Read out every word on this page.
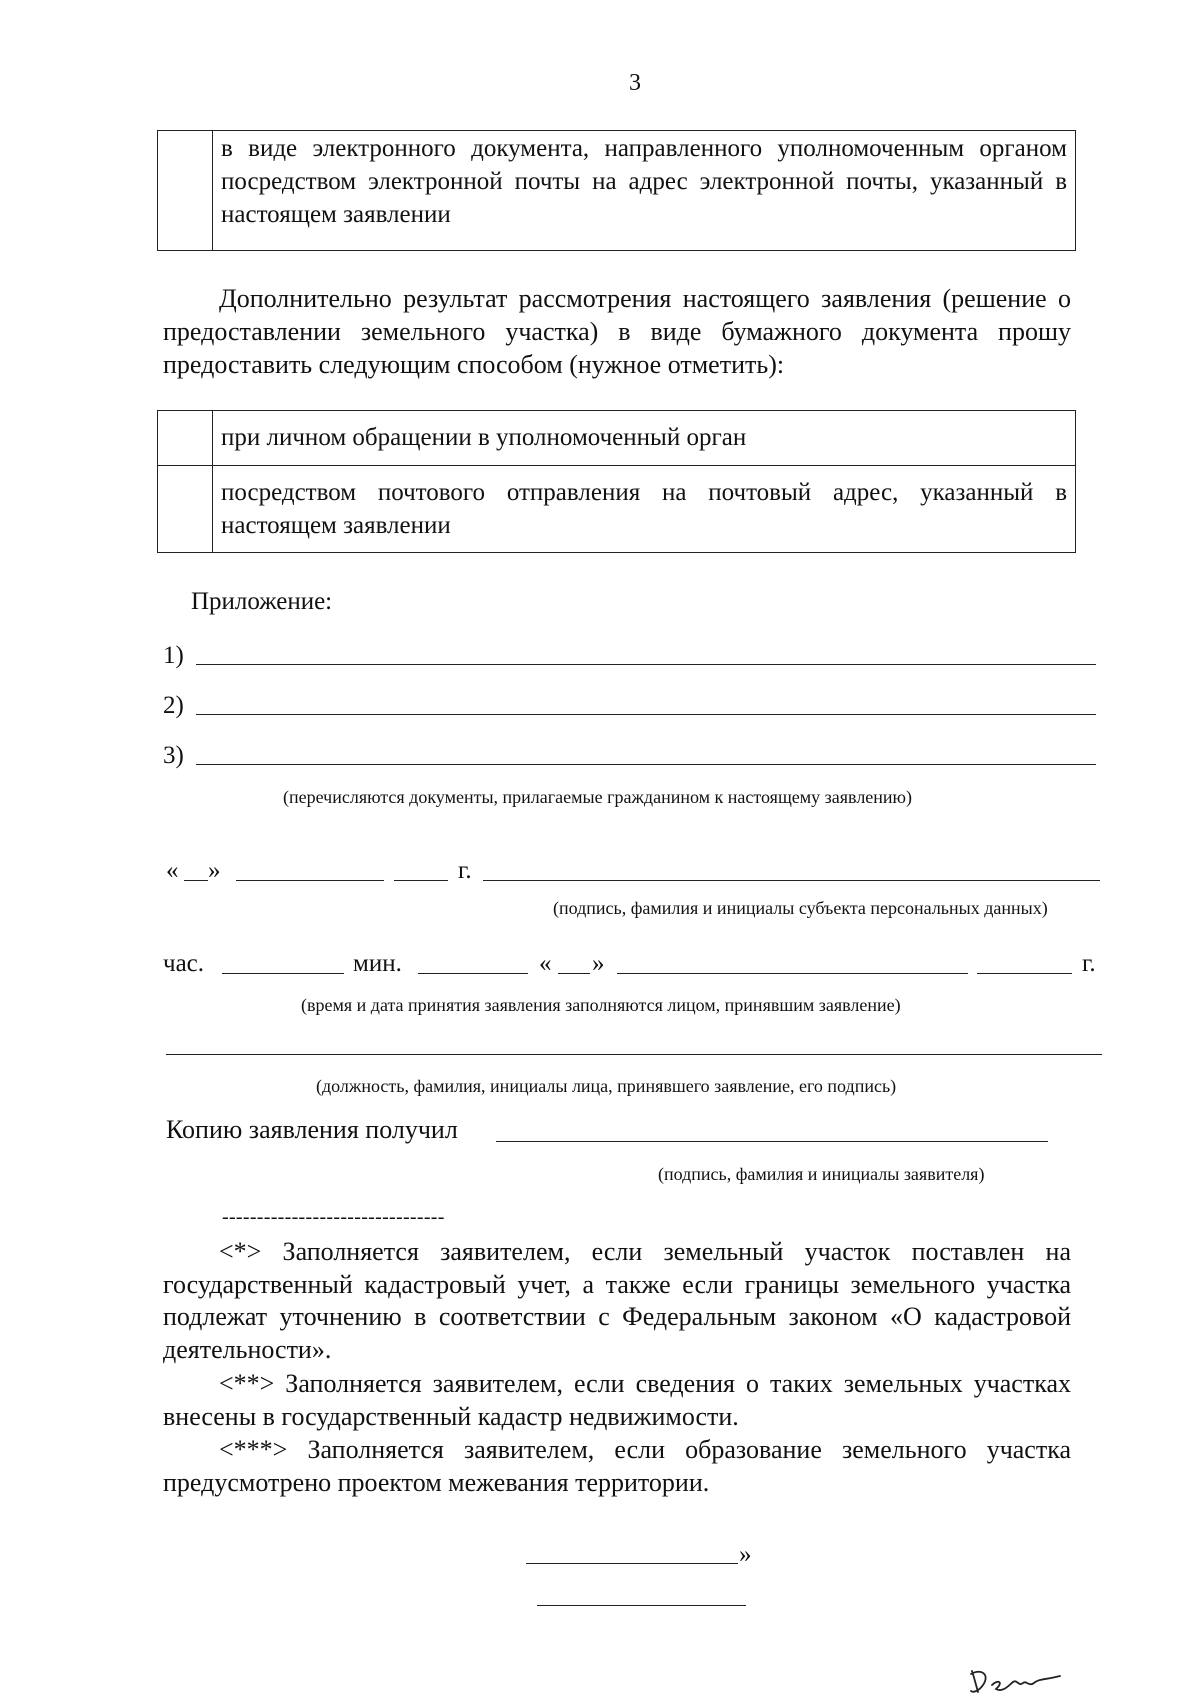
3
	в виде электронного документа, направленного уполномоченным органом посредством электронной почты на адрес электронной почты, указанный в настоящем заявлении
Дополнительно результат рассмотрения настоящего заявления (решение о предоставлении земельного участка) в виде бумажного документа прошу предоставить следующим способом (нужное отметить):
	при личном обращении в уполномоченный орган
	посредством почтового отправления на почтовый адрес, указанный в настоящем заявлении
Приложение:
1)
2)
3)
(перечисляются документы, прилагаемые гражданином к настоящему заявлению)
« »	г.
(подпись, фамилия и инициалы субъекта персональных данных)
час.	мин.	« »	г.
(время и дата принятия заявления заполняются лицом, принявшим заявление)
(должность, фамилия, инициалы лица, принявшего заявление, его подпись)
Копию заявления получил
(подпись, фамилия и инициалы заявителя)
--------------------------------
<*> Заполняется заявителем, если земельный участок поставлен на государственный кадастровый учет, а также если границы земельного участка подлежат уточнению в соответствии с Федеральным законом «О кадастровой деятельности».
<**> Заполняется заявителем, если сведения о таких земельных участках внесены в государственный кадастр недвижимости.
<***> Заполняется заявителем, если образование земельного участка предусмотрено проектом межевания территории.
»
